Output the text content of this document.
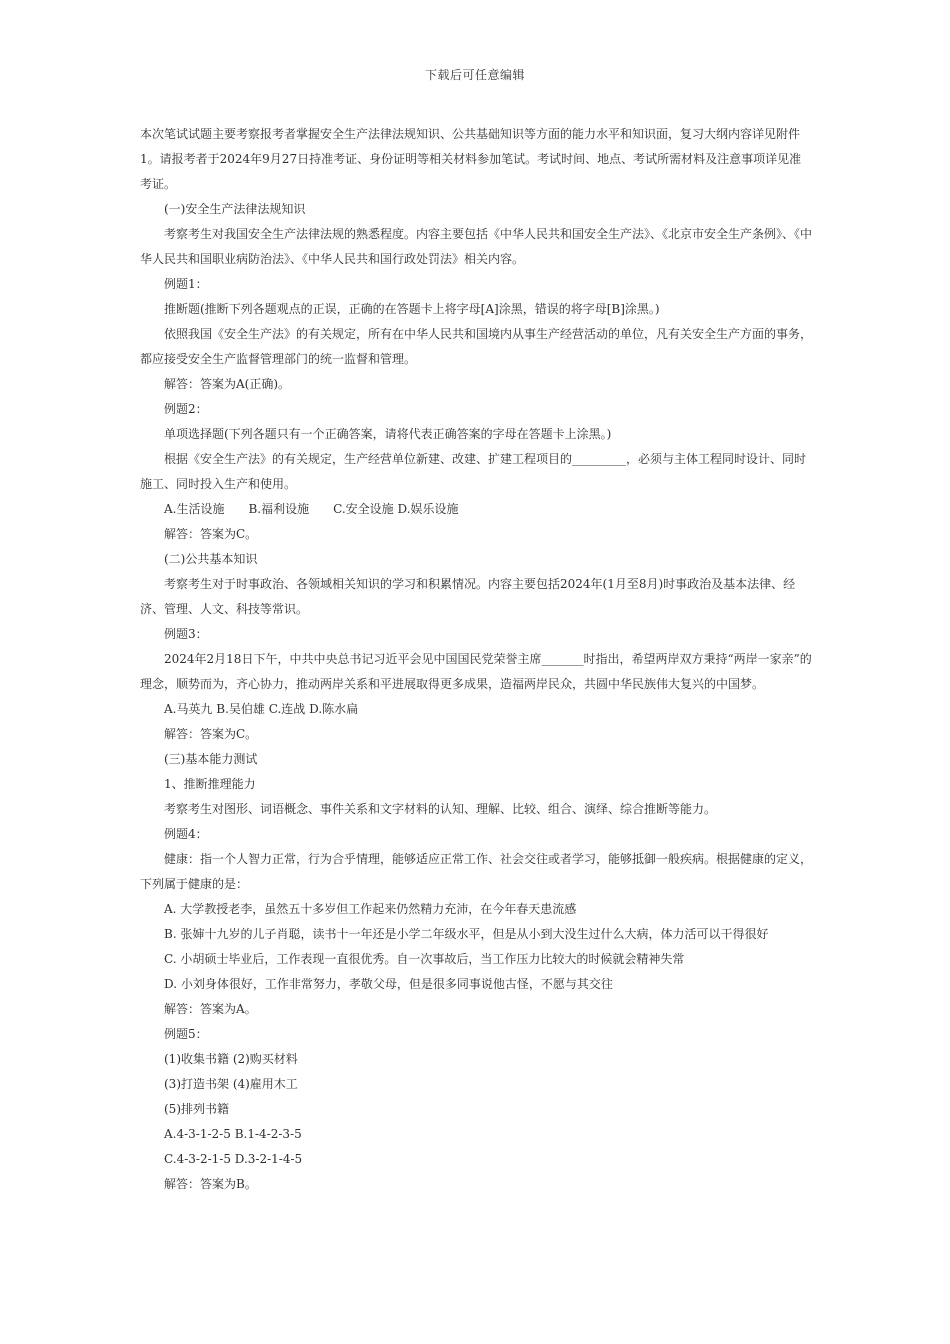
下载后可任意编辑

本次笔试试题主要考察报考者掌握安全生产法律法规知识、公共基础知识等方面的能力水平和知识面，复习大纲内容详见附件1。请报考者于2024年9月27日持准考证、身份证明等相关材料参加笔试。考试时间、地点、考试所需材料及注意事项详见准考证。

(一)安全生产法律法规知识

考察考生对我国安全生产法律法规的熟悉程度。内容主要包括《中华人民共和国安全生产法》、《北京市安全生产条例》、《中华人民共和国职业病防治法》、《中华人民共和国行政处罚法》相关内容。

例题1：

推断题(推断下列各题观点的正误，正确的在答题卡上将字母[A]涂黑，错误的将字母[B]涂黑。)

依照我国《安全生产法》的有关规定，所有在中华人民共和国境内从事生产经营活动的单位，凡有关安全生产方面的事务，都应接受安全生产监督管理部门的统一监督和管理。

解答：答案为A(正确)。

例题2：

单项选择题(下列各题只有一个正确答案，请将代表正确答案的字母在答题卡上涂黑。)

根据《安全生产法》的有关规定，生产经营单位新建、改建、扩建工程项目的_________，必须与主体工程同时设计、同时施工、同时投入生产和使用。

A.生活设施　　B.福利设施　　C.安全设施 D.娱乐设施

解答：答案为C。

(二)公共基本知识

考察考生对于时事政治、各领域相关知识的学习和积累情况。内容主要包括2024年(1月至8月)时事政治及基本法律、经济、管理、人文、科技等常识。

例题3：

2024年2月18日下午，中共中央总书记习近平会见中国国民党荣誉主席_______时指出，希望两岸双方秉持“两岸一家亲”的理念，顺势而为，齐心协力，推动两岸关系和平进展取得更多成果，造福两岸民众，共圆中华民族伟大复兴的中国梦。

A.马英九 B.吴伯雄 C.连战 D.陈水扁

解答：答案为C。

(三)基本能力测试

1、推断推理能力

考察考生对图形、词语概念、事件关系和文字材料的认知、理解、比较、组合、演绎、综合推断等能力。

例题4：

健康：指一个人智力正常，行为合乎情理，能够适应正常工作、社会交往或者学习，能够抵御一般疾病。根据健康的定义，下列属于健康的是：

A. 大学教授老李，虽然五十多岁但工作起来仍然精力充沛，在今年春天患流感

B. 张婶十九岁的儿子肖聪，读书十一年还是小学二年级水平，但是从小到大没生过什么大病，体力活可以干得很好

C. 小胡硕士毕业后，工作表现一直很优秀。自一次事故后，当工作压力比较大的时候就会精神失常

D. 小刘身体很好，工作非常努力，孝敬父母，但是很多同事说他古怪，不愿与其交往

解答：答案为A。

例题5：

(1)收集书籍 (2)购买材料

(3)打造书架 (4)雇用木工

(5)排列书籍

A.4-3-1-2-5 B.1-4-2-3-5

C.4-3-2-1-5 D.3-2-1-4-5

解答：答案为B。
